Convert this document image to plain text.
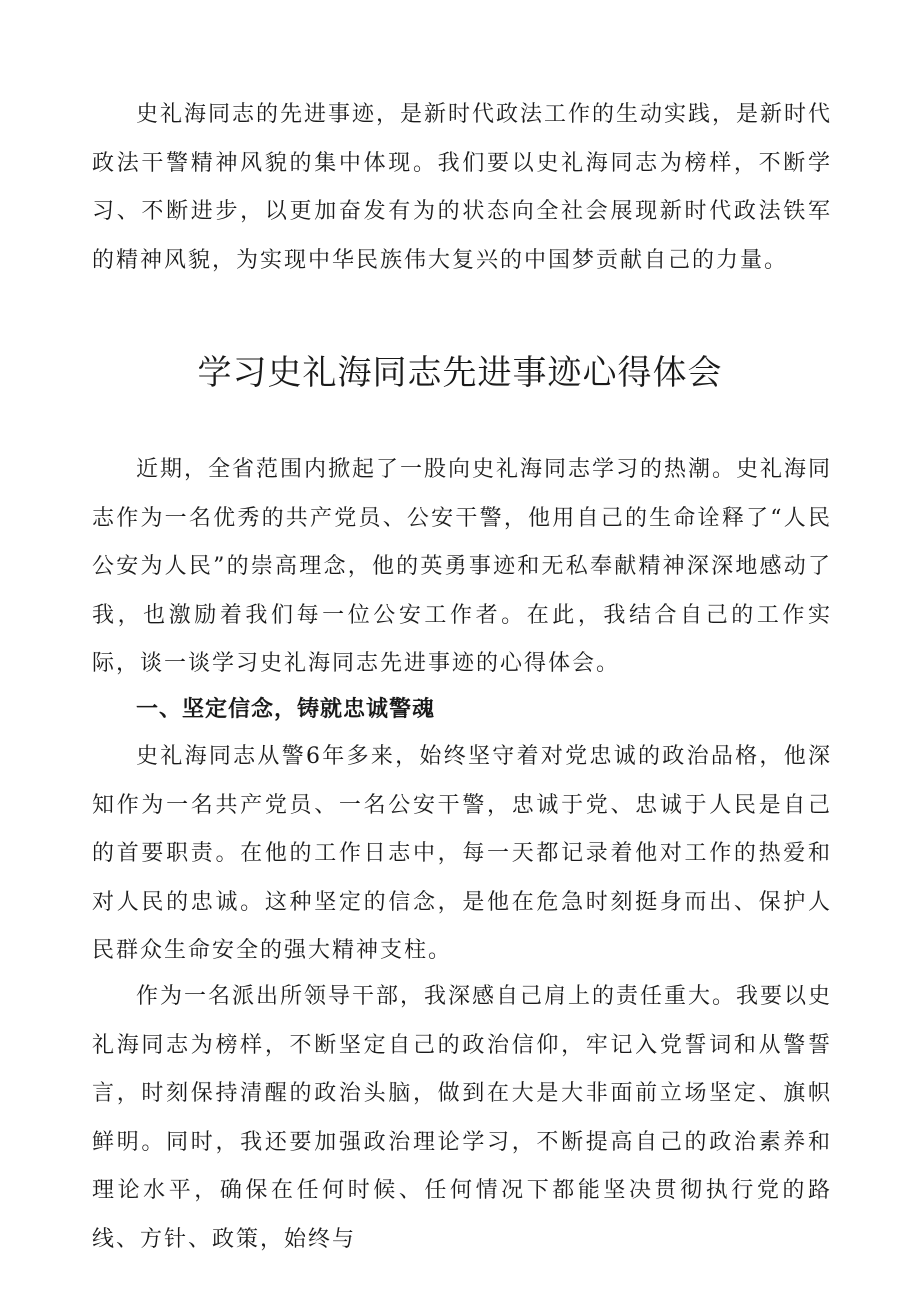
史礼海同志的先进事迹，是新时代政法工作的生动实践，是新时代政法干警精神风貌的集中体现。我们要以史礼海同志为榜样，不断学习、不断进步，以更加奋发有为的状态向全社会展现新时代政法铁军的精神风貌，为实现中华民族伟大复兴的中国梦贡献自己的力量。

学习史礼海同志先进事迹心得体会

近期，全省范围内掀起了一股向史礼海同志学习的热潮。史礼海同志作为一名优秀的共产党员、公安干警，他用自己的生命诠释了“人民公安为人民”的崇高理念，他的英勇事迹和无私奉献精神深深地感动了我，也激励着我们每一位公安工作者。在此，我结合自己的工作实际，谈一谈学习史礼海同志先进事迹的心得体会。

一、坚定信念，铸就忠诚警魂

史礼海同志从警6年多来，始终坚守着对党忠诚的政治品格，他深知作为一名共产党员、一名公安干警，忠诚于党、忠诚于人民是自己的首要职责。在他的工作日志中，每一天都记录着他对工作的热爱和对人民的忠诚。这种坚定的信念，是他在危急时刻挺身而出、保护人民群众生命安全的强大精神支柱。

作为一名派出所领导干部，我深感自己肩上的责任重大。我要以史礼海同志为榜样，不断坚定自己的政治信仰，牢记入党誓词和从警誓言，时刻保持清醒的政治头脑，做到在大是大非面前立场坚定、旗帜鲜明。同时，我还要加强政治理论学习，不断提高自己的政治素养和理论水平，确保在任何时候、任何情况下都能坚决贯彻执行党的路线、方针、政策，始终与
